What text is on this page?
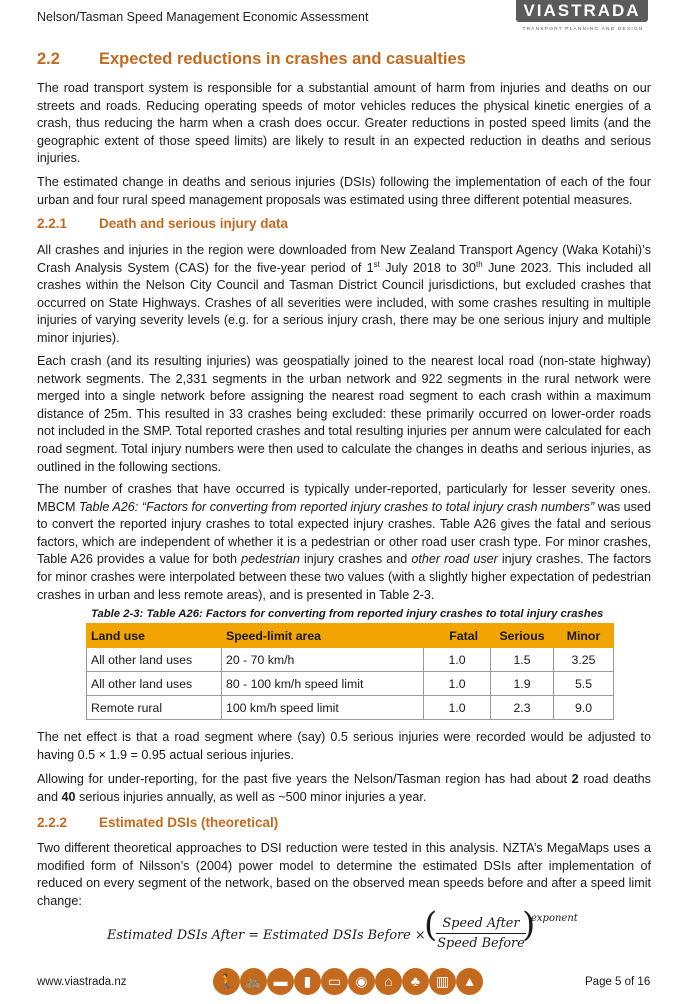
Nelson/Tasman Speed Management Economic Assessment	VIASTRADA
TRANSPORT PLANNING AND DESIGN
2.2 Expected reductions in crashes and casualties
The road transport system is responsible for a substantial amount of harm from injuries and deaths on our streets and roads. Reducing operating speeds of motor vehicles reduces the physical kinetic energies of a crash, thus reducing the harm when a crash does occur. Greater reductions in posted speed limits (and the geographic extent of those speed limits) are likely to result in an expected reduction in deaths and serious injuries.
The estimated change in deaths and serious injuries (DSIs) following the implementation of each of the four urban and four rural speed management proposals was estimated using three different potential measures.
2.2.1 Death and serious injury data
All crashes and injuries in the region were downloaded from New Zealand Transport Agency (Waka Kotahi)’s Crash Analysis System (CAS) for the five-year period of 1st July 2018 to 30th June 2023. This included all crashes within the Nelson City Council and Tasman District Council jurisdictions, but excluded crashes that occurred on State Highways. Crashes of all severities were included, with some crashes resulting in multiple injuries of varying severity levels (e.g. for a serious injury crash, there may be one serious injury and multiple minor injuries).
Each crash (and its resulting injuries) was geospatially joined to the nearest local road (non-state highway) network segments. The 2,331 segments in the urban network and 922 segments in the rural network were merged into a single network before assigning the nearest road segment to each crash within a maximum distance of 25m. This resulted in 33 crashes being excluded: these primarily occurred on lower-order roads not included in the SMP. Total reported crashes and total resulting injuries per annum were calculated for each road segment. Total injury numbers were then used to calculate the changes in deaths and serious injuries, as outlined in the following sections.
The number of crashes that have occurred is typically under-reported, particularly for lesser severity ones. MBCM Table A26: “Factors for converting from reported injury crashes to total injury crash numbers” was used to convert the reported injury crashes to total expected injury crashes. Table A26 gives the fatal and serious factors, which are independent of whether it is a pedestrian or other road user crash type. For minor crashes, Table A26 provides a value for both pedestrian injury crashes and other road user injury crashes. The factors for minor crashes were interpolated between these two values (with a slightly higher expectation of pedestrian crashes in urban and less remote areas), and is presented in Table 2-3.
Table 2-3: Table A26: Factors for converting from reported injury crashes to total injury crashes
Land use	Speed-limit area	Fatal	Serious	Minor
All other land uses	20 - 70 km/h	1.0	1.5	3.25
All other land uses	80 - 100 km/h speed limit	1.0	1.9	5.5
Remote rural	100 km/h speed limit	1.0	2.3	9.0
The net effect is that a road segment where (say) 0.5 serious injuries were recorded would be adjusted to having 0.5 × 1.9 = 0.95 actual serious injuries.
Allowing for under-reporting, for the past five years the Nelson/Tasman region has had about 2 road deaths and 40 serious injuries annually, as well as ~500 minor injuries a year.
2.2.2 Estimated DSIs (theoretical)
Two different theoretical approaches to DSI reduction were tested in this analysis. NZTA’s MegaMaps uses a modified form of Nilsson’s (2004) power model to determine the estimated DSIs after implementation of reduced on every segment of the network, based on the observed mean speeds before and after a speed limit change:
Estimated DSIs After = Estimated DSIs Before ×
( Speed After
Speed Before
)
exponent
www.viastrada.nz	🚶 🚲 ▬	▮	▭	◉	⌂	♣	▥ ▲	Page 5 of 16
